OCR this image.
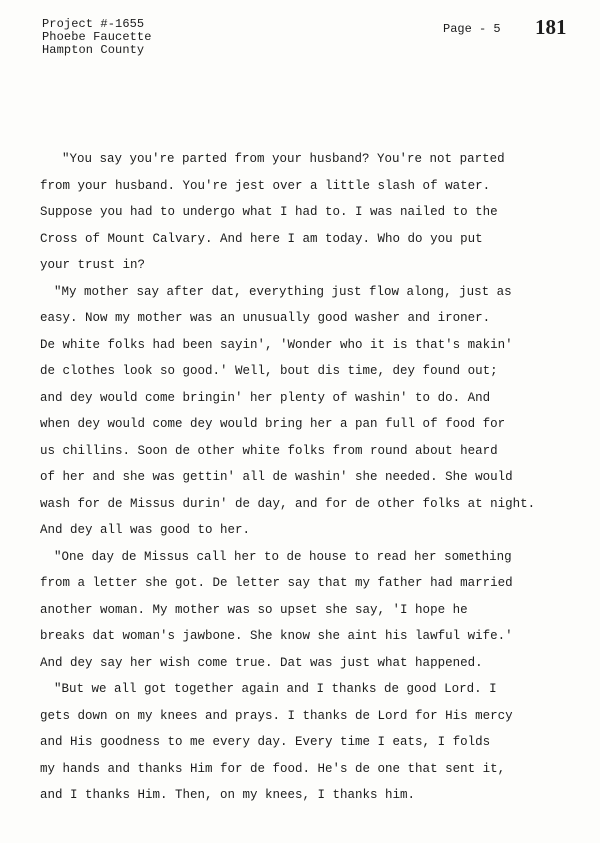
Project #-1655
Phoebe Faucette
Hampton County
Page - 5 181
"You say you're parted from your husband? You're not parted
from your husband. You're jest over a little slash of water.
Suppose you had to undergo what I had to. I was nailed to the
Cross of Mount Calvary. And here I am today. Who do you put
your trust in?
"My mother say after dat, everything just flow along, just as
easy. Now my mother was an unusually good washer and ironer.
De white folks had been sayin', 'Wonder who it is that's makin'
de clothes look so good.' Well, bout dis time, dey found out;
and dey would come bringin' her plenty of washin' to do. And
when dey would come dey would bring her a pan full of food for
us chillins. Soon de other white folks from round about heard
of her and she was gettin' all de washin' she needed. She would
wash for de Missus durin' de day, and for de other folks at night.
And dey all was good to her.
"One day de Missus call her to de house to read her something
from a letter she got. De letter say that my father had married
another woman. My mother was so upset she say, 'I hope he
breaks dat woman's jawbone. She know she aint his lawful wife.'
And dey say her wish come true. Dat was just what happened.
"But we all got together again and I thanks de good Lord. I
gets down on my knees and prays. I thanks de Lord for His mercy
and His goodness to me every day. Every time I eats, I folds
my hands and thanks Him for de food. He's de one that sent it,
and I thanks Him. Then, on my knees, I thanks him.
